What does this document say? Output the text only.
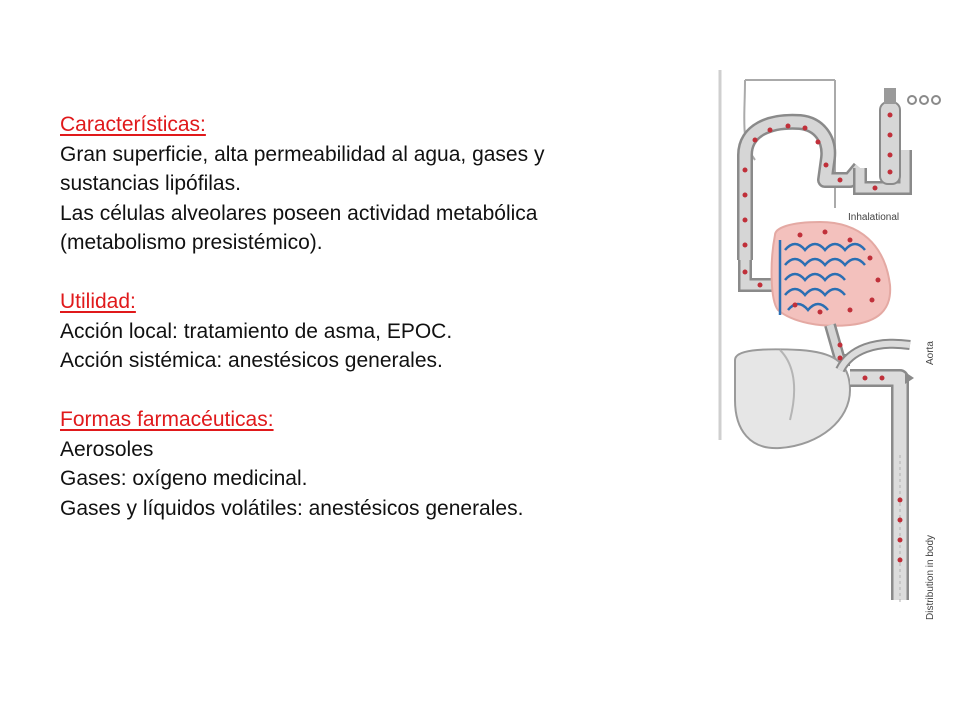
Características:
Gran superficie, alta permeabilidad al agua, gases y
sustancias lipófilas.
Las células alveolares poseen actividad metabólica
(metabolismo presistémico).
Utilidad:
Acción local: tratamiento de asma, EPOC.
Acción sistémica: anestésicos generales.
Formas farmacéuticas:
Aerosoles
Gases: oxígeno medicinal.
Gases y líquidos volátiles: anestésicos generales.
Inhalational
Aorta
Distribution in body
